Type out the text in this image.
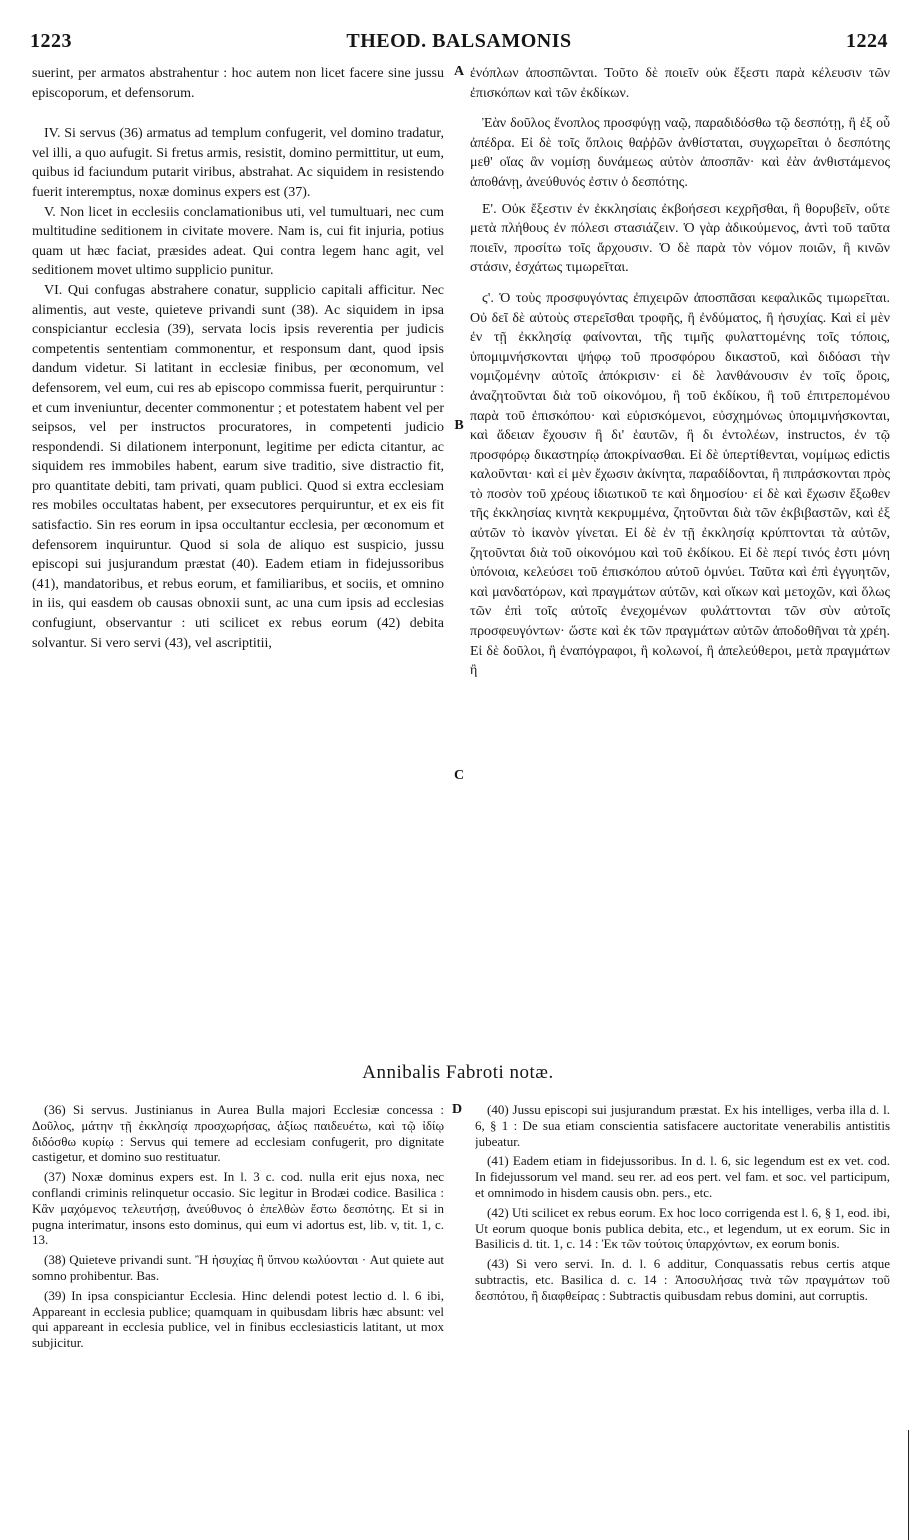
1223	THEOD. BALSAMONIS	1224

suerint, per armatos abstrahentur : hoc autem non licet facere sine jussu episcoporum, et defensorum.

IV. Si servus (36) armatus ad templum confugerit, vel domino tradatur, vel illi, a quo aufugit. Si fretus armis, resistit, domino permittitur, ut eum, quibus id faciundum putarit viribus, abstrahat. Ac siquidem in resistendo fuerit interemptus, noxæ dominus expers est (37).

V. Non licet in ecclesiis conclamationibus uti, vel tumultuari, nec cum multitudine seditionem in civitate movere. Nam is, cui fit injuria, potius quam ut hæc faciat, præsides adeat. Qui contra legem hanc agit, vel seditionem movet ultimo supplicio punitur.

VI. Qui confugas abstrahere conatur, supplicio capitali afficitur. Nec alimentis, aut veste, quieteve privandi sunt (38). Ac siquidem in ipsa conspiciantur ecclesia (39), servata locis ipsis reverentia per judicis competentis sententiam commonentur, et responsum dant, quod ipsis dandum videtur. Si latitant in ecclesiæ finibus, per œconomum, vel defensorem, vel eum, cui res ab episcopo commissa fuerit, perquiruntur : et cum inveniuntur, decenter commonentur ; et potestatem habent vel per seipsos, vel per instructos procuratores, in competenti judicio respondendi. Si dilationem interponunt, legitime per edicta citantur, ac siquidem res immobiles habent, earum sive traditio, sive distractio fit, pro quantitate debiti, tam privati, quam publici. Quod si extra ecclesiam res mobiles occultatas habent, per exsecutores perquiruntur, et ex eis fit satisfactio. Sin res eorum in ipsa occultantur ecclesia, per œconomum et defensorem inquiruntur. Quod si sola de aliquo est suspicio, jussu episcopi sui jusjurandum præstat (40). Eadem etiam in fidejussoribus (41), mandatoribus, et rebus eorum, et familiaribus, et sociis, et omnino in iis, qui easdem ob causas obnoxii sunt, ac una cum ipsis ad ecclesias confugiunt, observantur : uti scilicet ex rebus eorum (42) debita solvantur. Si vero servi (43), vel ascriptitii,

A
B
C

ἐνόπλων ἀποσπῶνται. Τοῦτο δὲ ποιεῖν οὐκ ἔξεστι παρὰ κέλευσιν τῶν ἐπισκόπων καὶ τῶν ἐκδίκων.

Ἐὰν δοῦλος ἔνοπλος προσφύγῃ ναῷ, παραδιδόσθω τῷ δεσπότῃ, ἢ ἐξ οὗ ἀπέδρα. Εἰ δὲ τοῖς ὅπλοις θαῤῥῶν ἀνθίσταται, συγχωρεῖται ὁ δεσπότης μεθ' οἵας ἂν νομίσῃ δυνάμεως αὐτὸν ἀποσπᾶν· καὶ ἐὰν ἀνθιστάμενος ἀποθάνῃ, ἀνεύθυνός ἐστιν ὁ δεσπότης.

Ε'. Οὐκ ἔξεστιν ἐν ἐκκλησίαις ἐκβοήσεσι κεχρῆσθαι, ἢ θορυβεῖν, οὔτε μετὰ πλήθους ἐν πόλεσι στασιάζειν. Ὁ γὰρ ἀδικούμενος, ἀντὶ τοῦ ταῦτα ποιεῖν, προσίτω τοῖς ἄρχουσιν. Ὁ δὲ παρὰ τὸν νόμον ποιῶν, ἢ κινῶν στάσιν, ἐσχάτως τιμωρεῖται.

ϛ'. Ὁ τοὺς προσφυγόντας ἐπιχειρῶν ἀποσπᾶσαι κεφαλικῶς τιμωρεῖται. Οὐ δεῖ δὲ αὐτοὺς στερεῖσθαι τροφῆς, ἢ ἐνδύματος, ἢ ἡσυχίας. Καὶ εἰ μὲν ἐν τῇ ἐκκλησίᾳ φαίνονται, τῆς τιμῆς φυλαττομένης τοῖς τόποις, ὑπομιμνήσκονται ψήφῳ τοῦ προσφόρου δικαστοῦ, καὶ διδόασι τὴν νομιζομένην αὐτοῖς ἀπόκρισιν· εἰ δὲ λανθάνουσιν ἐν τοῖς ὅροις, ἀναζητοῦνται διὰ τοῦ οἰκονόμου, ἢ τοῦ ἐκδίκου, ἢ τοῦ ἐπιτρεπομένου παρὰ τοῦ ἐπισκόπου· καὶ εὑρισκόμενοι, εὐσχημόνως ὑπομιμνήσκονται, καὶ ἄδειαν ἔχουσιν ἢ δι' ἑαυτῶν, ἢ δι ἐντολέων, instructos, ἐν τῷ προσφόρῳ δικαστηρίῳ ἀποκρίνασθαι. Εἰ δὲ ὑπερτίθενται, νομίμως edictis καλοῦνται· καὶ εἰ μὲν ἔχωσιν ἀκίνητα, παραδίδονται, ἢ πιπράσκονται πρὸς τὸ ποσὸν τοῦ χρέους ἰδιωτικοῦ τε καὶ δημοσίου· εἰ δὲ καὶ ἔχωσιν ἔξωθεν τῆς ἐκκλησίας κινητὰ κεκρυμμένα, ζητοῦνται διὰ τῶν ἐκβιβαστῶν, καὶ ἐξ αὐτῶν τὸ ἱκανὸν γίνεται. Εἰ δὲ ἐν τῇ ἐκκλησίᾳ κρύπτονται τὰ αὐτῶν, ζητοῦνται διὰ τοῦ οἰκονόμου καὶ τοῦ ἐκδίκου. Εἰ δὲ περί τινός ἐστι μόνη ὑπόνοια, κελεύσει τοῦ ἐπισκόπου αὐτοῦ ὀμνύει. Ταῦτα καὶ ἐπὶ ἐγγυητῶν, καὶ μανδατόρων, καὶ πραγμάτων αὐτῶν, καὶ οἴκων καὶ μετοχῶν, καὶ ὅλως τῶν ἐπὶ τοῖς αὐτοῖς ἐνεχομένων φυλάττονται τῶν σὺν αὐτοῖς προσφευγόντων· ὥστε καὶ ἐκ τῶν πραγμάτων αὐτῶν ἀποδοθῆναι τὰ χρέη. Εἰ δὲ δοῦλοι, ἢ ἐναπόγραφοι, ἢ κολωνοί, ἢ ἀπελεύθεροι, μετὰ πραγμάτων ἢ

Annibalis Fabroti notæ.
D

(36) Si servus. Justinianus in Aurea Bulla majori Ecclesiæ concessa : Δοῦλος, μάτην τῇ ἐκκλησίᾳ προσχωρήσας, ἀξίως παιδευέτω, καὶ τῷ ἰδίῳ διδόσθω κυρίῳ : Servus qui temere ad ecclesiam confugerit, pro dignitate castigetur, et domino suo restituatur.

(37) Noxæ dominus expers est. In l. 3 c. cod. nulla erit ejus noxa, nec conflandi criminis relinquetur occasio. Sic legitur in Brodæi codice. Basilica : Κἂν μαχόμενος τελευτήσῃ, ἀνεύθυνος ὁ ἐπελθὼν ἔστω δεσπότης. Et si in pugna interimatur, insons esto dominus, qui eum vi adortus est, lib. v, tit. 1, c. 13.

(38) Quieteve privandi sunt. Ἢ ἡσυχίας ἢ ὕπνου κωλύονται · Aut quiete aut somno prohibentur. Bas.

(39) In ipsa conspiciantur Ecclesia. Hinc delendi potest lectio d. l. 6 ibi, Appareant in ecclesia publice; quamquam in quibusdam libris hæc absunt: vel qui appareant in ecclesia publice, vel in finibus ecclesiasticis latitant, ut mox subjicitur.

(40) Jussu episcopi sui jusjurandum præstat. Ex his intelliges, verba illa d. l. 6, § 1 : De sua etiam conscientia satisfacere auctoritate venerabilis antistitis jubeatur.

(41) Eadem etiam in fidejussoribus. In d. l. 6, sic legendum est ex vet. cod. In fidejussorum vel mand. seu rer. ad eos pert. vel fam. et soc. vel participum, et omnimodo in hisdem causis obn. pers., etc.

(42) Uti scilicet ex rebus eorum. Ex hoc loco corrigenda est l. 6, § 1, eod. ibi, Ut eorum quoque bonis publica debita, etc., et legendum, ut ex eorum. Sic in Basilicis d. tit. 1, c. 14 : Ἐκ τῶν τούτοις ὑπαρχόντων, ex eorum bonis.

(43) Si vero servi. In. d. l. 6 additur, Conquassatis rebus certis atque subtractis, etc. Basilica d. c. 14 : Ἀποσυλήσας τινὰ τῶν πραγμάτων τοῦ δεσπότου, ἢ διαφθείρας : Subtractis quibusdam rebus domini, aut corruptis.
